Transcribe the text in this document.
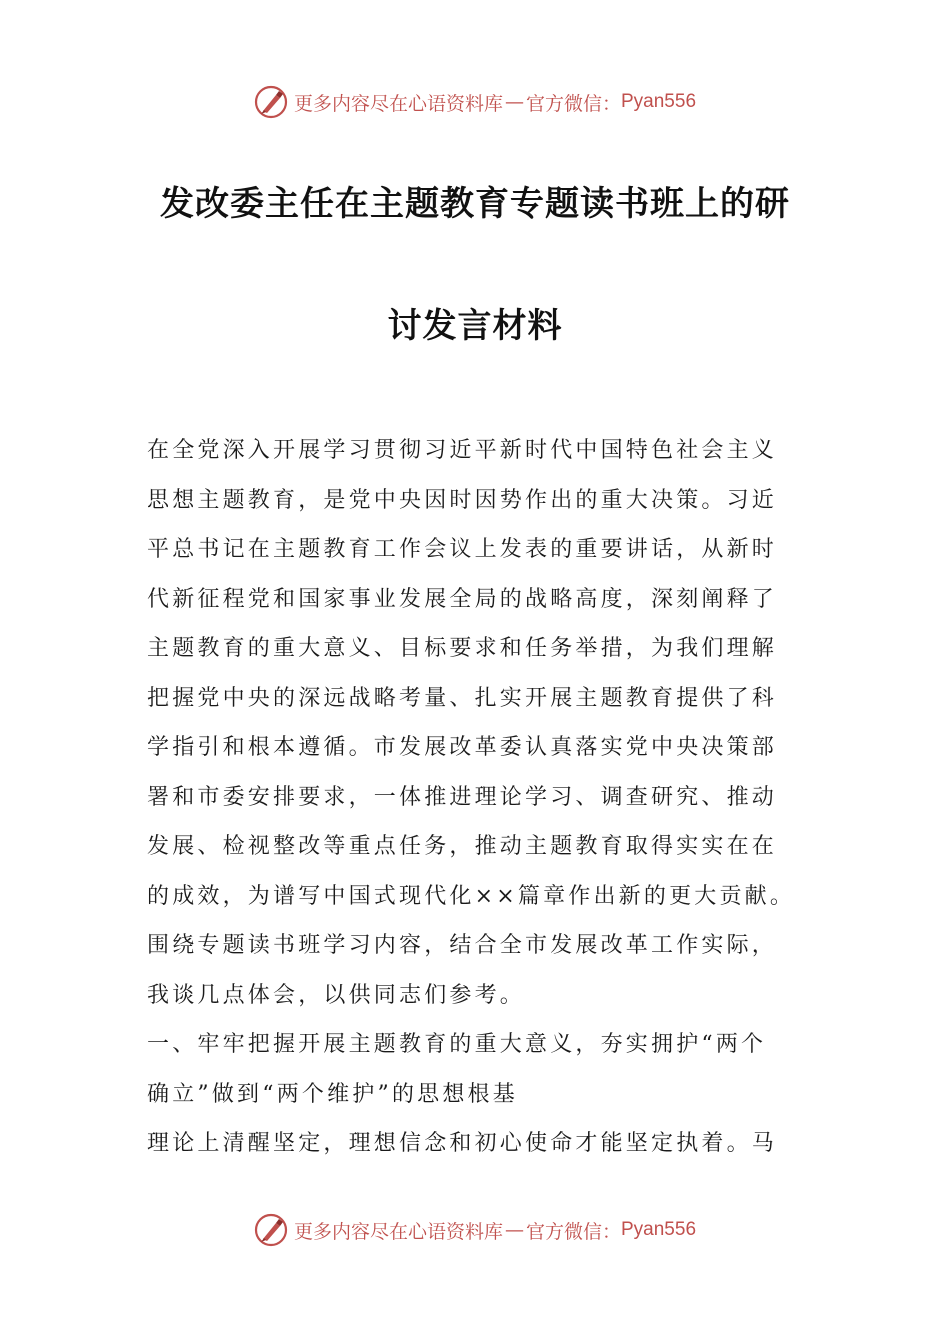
更多内容尽在心语资料库 — 官方微信： Pyan556
发改委主任在主题教育专题读书班上的研
讨发言材料
在全党深入开展学习贯彻习近平新时代中国特色社会主义
思想主题教育，是党中央因时因势作出的重大决策。习近
平总书记在主题教育工作会议上发表的重要讲话，从新时
代新征程党和国家事业发展全局的战略高度，深刻阐释了
主题教育的重大意义、目标要求和任务举措，为我们理解
把握党中央的深远战略考量、扎实开展主题教育提供了科
学指引和根本遵循。市发展改革委认真落实党中央决策部
署和市委安排要求，一体推进理论学习、调查研究、推动
发展、检视整改等重点任务，推动主题教育取得实实在在
的成效，为谱写中国式现代化××篇章作出新的更大贡献。
围绕专题读书班学习内容，结合全市发展改革工作实际，
我谈几点体会，以供同志们参考。
一、牢牢把握开展主题教育的重大意义，夯实拥护“两个
确立”做到“两个维护”的思想根基
理论上清醒坚定，理想信念和初心使命才能坚定执着。马
更多内容尽在心语资料库 — 官方微信： Pyan556
